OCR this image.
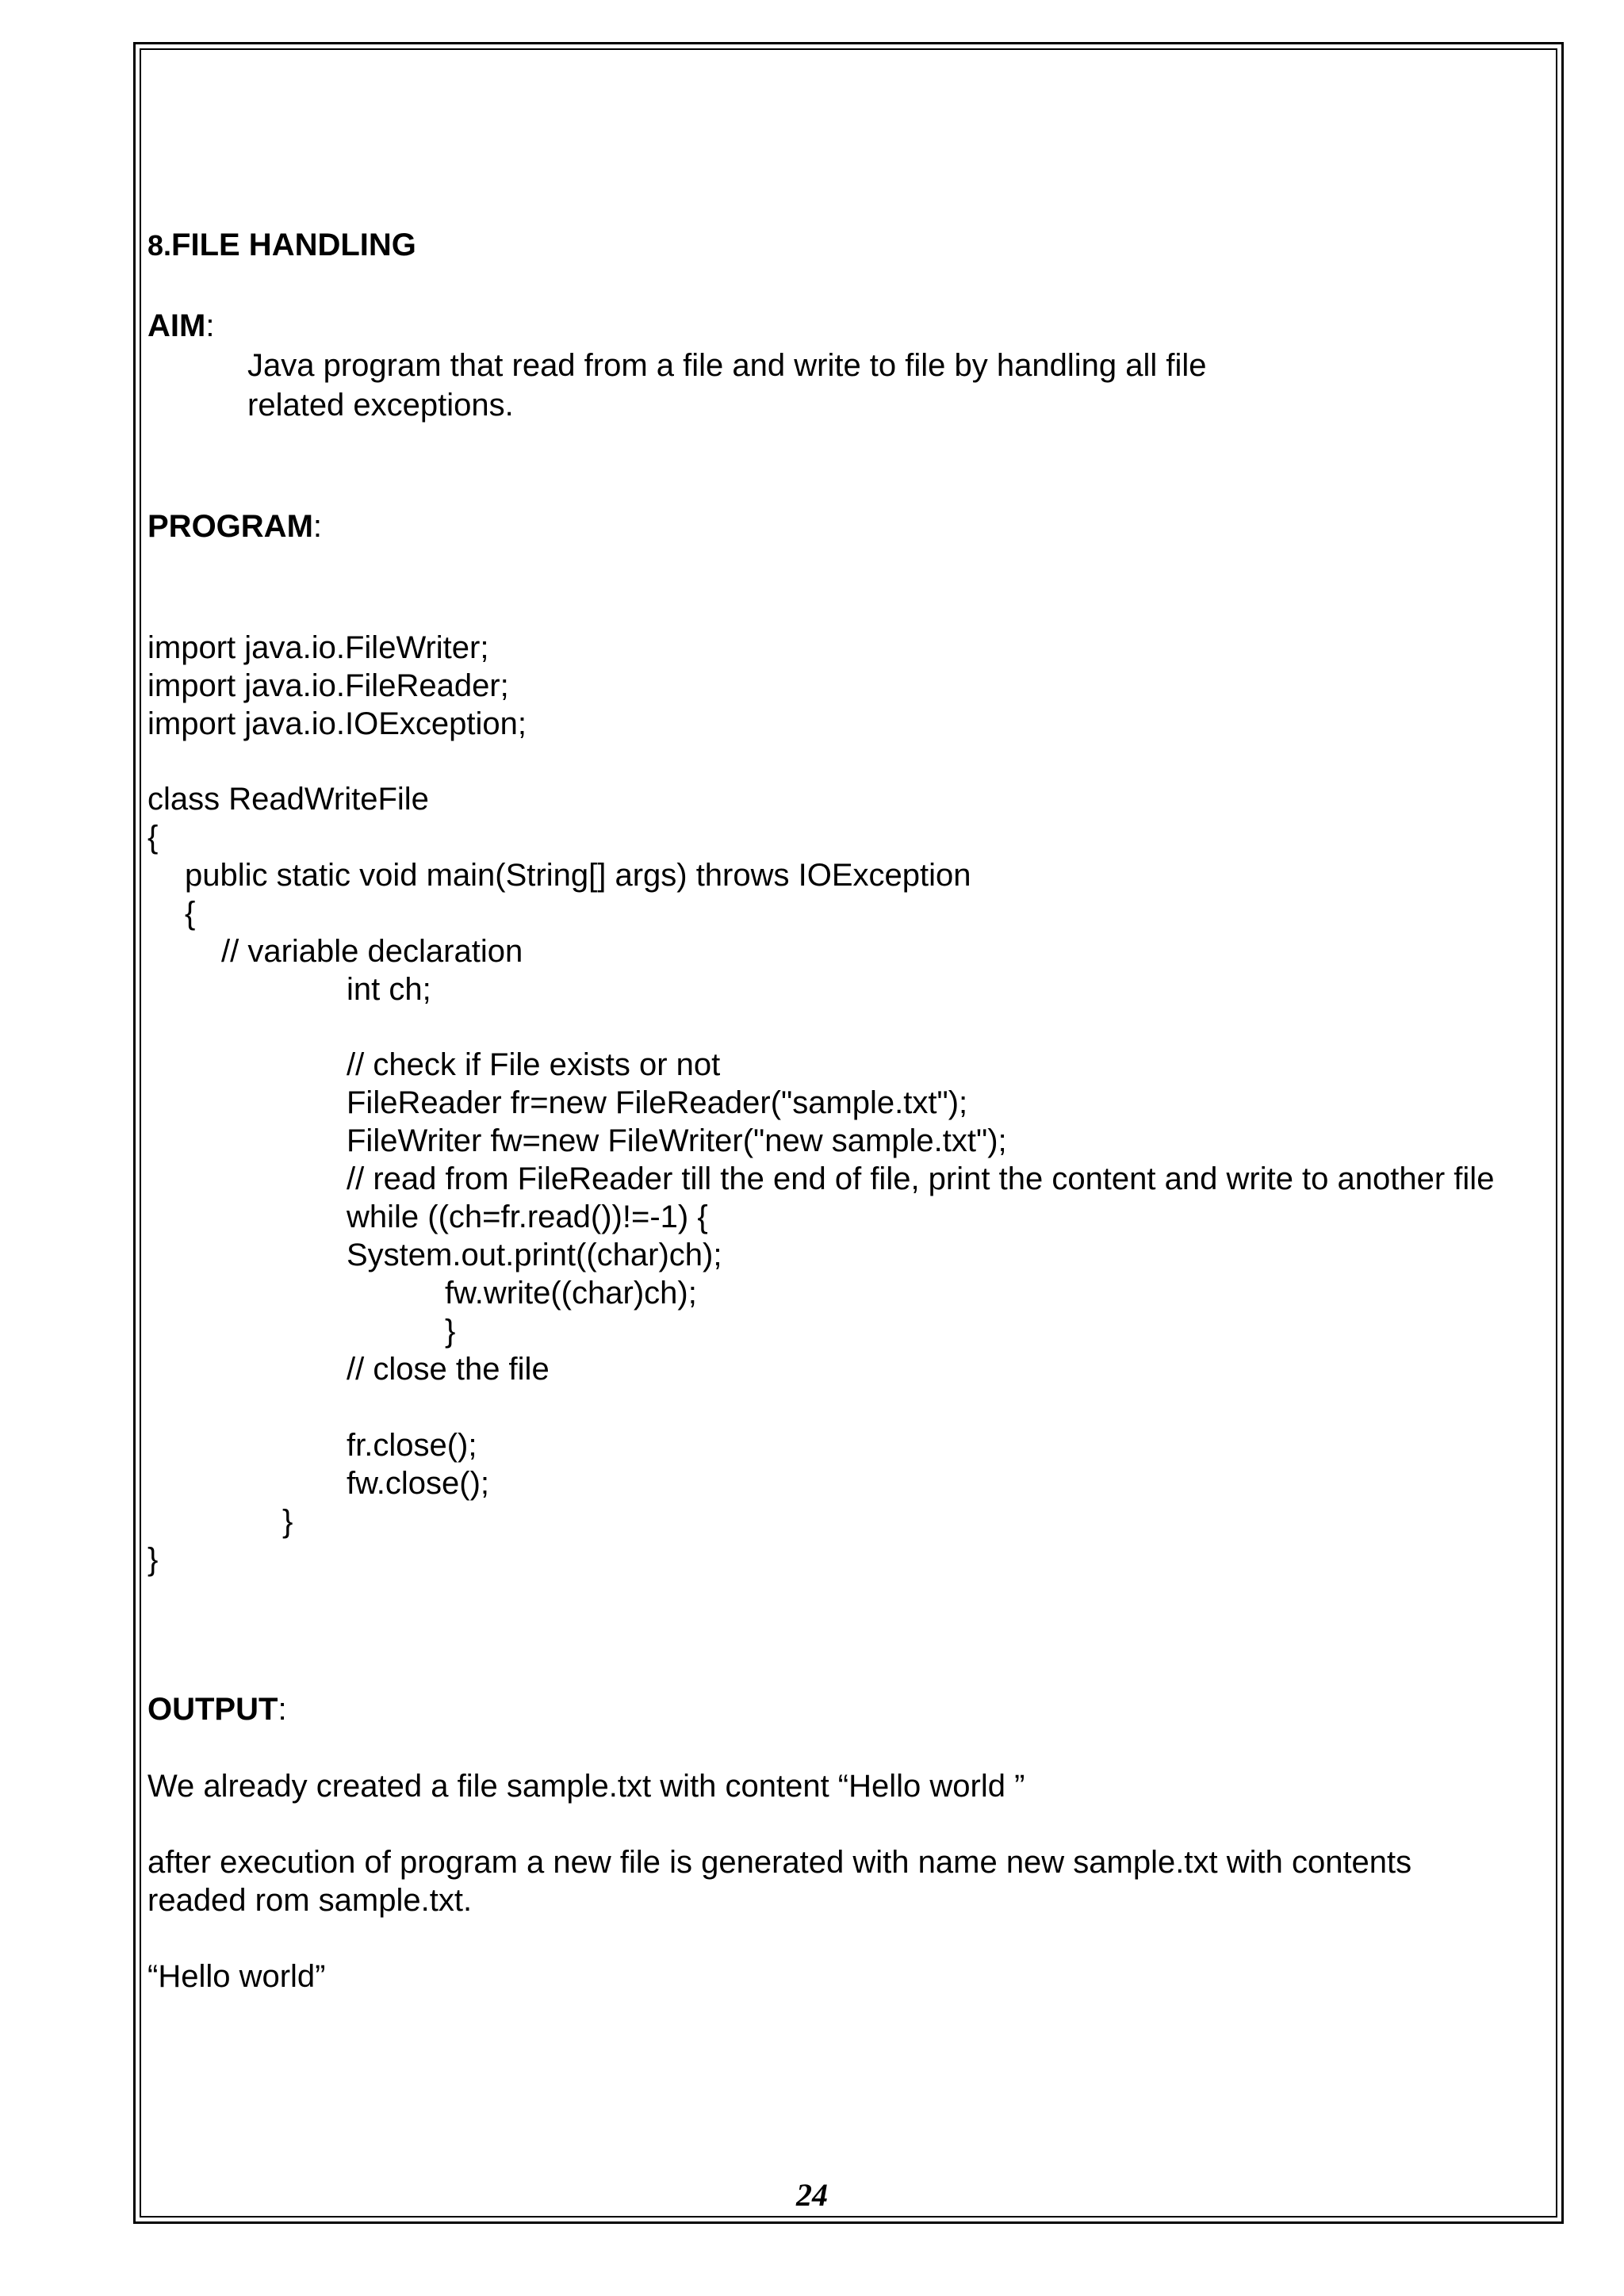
8.FILE HANDLING
AIM:
Java program that read from a file and write to file by handling all file
related exceptions.
PROGRAM:
import java.io.FileWriter;
import java.io.FileReader;
import java.io.IOException;
class ReadWriteFile
{
public static void main(String[] args) throws IOException
{
// variable declaration
int ch;
// check if File exists or not
FileReader fr=new FileReader("sample.txt");
FileWriter fw=new FileWriter("new sample.txt");
// read from FileReader till the end of file, print the content and write to another file
while ((ch=fr.read())!=-1) {
System.out.print((char)ch);
fw.write((char)ch);
}
// close the file
fr.close();
fw.close();
}
}
OUTPUT:
We already created a file sample.txt with content “Hello world ”
after execution of program a new file is generated with name new sample.txt with contents
readed rom sample.txt.
“Hello world”
24
